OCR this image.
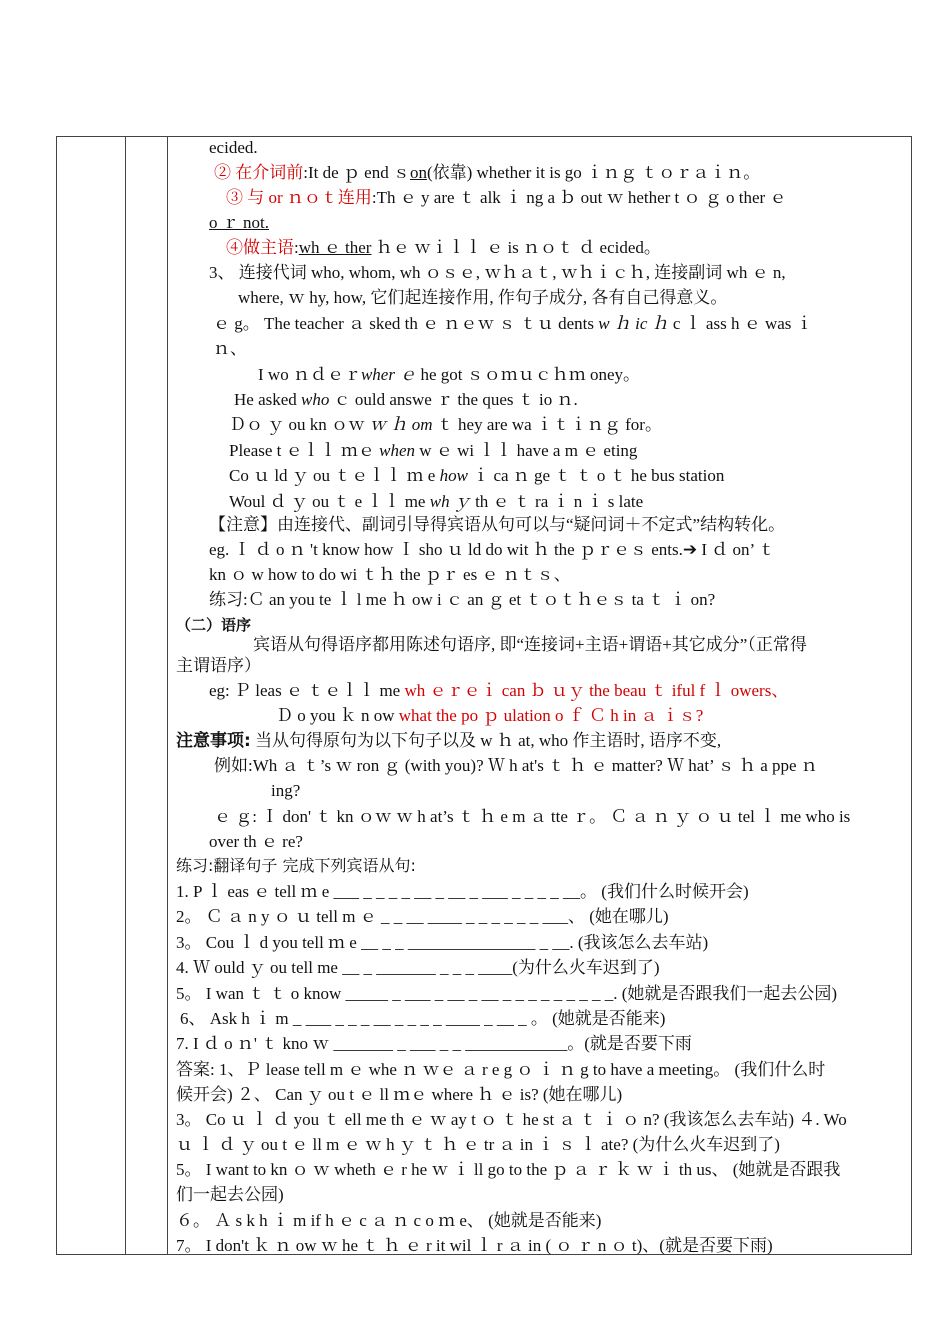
ecided.
② 在介词前:It de ｐ end ｓon(依靠) whether it is go ｉｎｇ ｔｏｒａｉｎ。
③ 与 or ｎｏｔ连用:Th ｅ y are ｔ alk ｉ ng a ｂ out ｗ hether t ｏ ｇ o ther ｅ
o ｒ not.
④做主语:wh ｅ ther ｈｅ ｗｉｌｌ ｅ is ｎｏｔ ｄ ecided。
3、 连接代词 who, whom, wh ｏｓｅ, ｗｈａｔ, ｗｈｉｃｈ, 连接副词 wh ｅ n,
where, ｗ hy, how, 它们起连接作用, 作句子成分, 各有自己得意义。
ｅ g。 The teacher ａ sked th ｅ ｎｅｗ ｓ ｔｕ dents w ｈ ic ｈ c ｌ ass h ｅ was ｉ
ｎ、
I wo ｎｄｅｒwher ｅ he got ｓｏｍｕｃｈｍ oney。
He asked who ｃ ould answe ｒ the ques ｔ io ｎ.
Ｄｏ ｙ ou kn ｏｗ ｗ ｈ om ｔ hey are wa ｉｔｉｎｇ for。
Please t ｅｌｌ ｍｅ when w ｅ wi ｌｌ have a m ｅ eting
Co ｕ ld ｙ ou ｔｅｌｌ ｍ e how ｉ ca ｎ ge ｔ ｔ o ｔ he bus station
Woul ｄ ｙ ou ｔ e ｌｌ me wh ｙ th ｅ ｔ ra ｉ n ｉ s late
【注意】由连接代、副词引导得宾语从句可以与“疑问词＋不定式”结构转化。
eg. Ｉ ｄ o ｎ 't know how Ｉ sho ｕ ld do wit ｈ the ｐｒｅｓ ents.➔ I ｄ on’ ｔ
kn ｏ w how to do wi ｔｈ the ｐｒ es ｅ ｎｔｓ、
练习:Ｃ an you te ｌ l me ｈ ow i ｃ an ｇ et ｔｏｔｈｅｓ ta ｔ ｉ on?
（二）语序
宾语从句得语序都用陈述句语序, 即“连接词+主语+谓语+其它成分”（正常得
主谓语序）
eg: Ｐ leas ｅ ｔｅｌｌ me wh ｅｒｅｉ can ｂ ｕｙ the beau ｔ iful f ｌ owers、
Ｄ o you ｋ n ow what the po ｐ ulation o ｆ Ｃ h in ａ ｉｓ?
注意事项: 当从句得原句为以下句子以及 w ｈ at, who 作主语时, 语序不变,
例如:Wh ａ ｔ’s ｗ ron ｇ (with you)? Ｗ h at's ｔ ｈ ｅ matter? Ｗ hat’ ｓ ｈ a ppe ｎ
ing?
ｅ ｇ: Ｉ don' ｔ kn ｏｗ ｗ h at’s ｔ ｈ e m ａ tte ｒ。 Ｃ ａ ｎ ｙ ｏ ｕ tel ｌ me who is
over th ｅ re?
练习:翻译句子 完成下列宾语从句:
1. P ｌ eas ｅ tell ｍ e ___ _ _ _ _ __ _ __ _ ___ _ _ _ _ __。 (我们什么时候开会)
2。 Ｃ ａ n y ｏ ｕ tell m ｅ _ _ __ ____ _ _ _ _ _ _ ___、 (她在哪儿)
3。 Cou ｌ d you tell ｍ e __ _ _ _______________ _ __. (我该怎么去车站)
4. Ｗ ould ｙ ou tell me __ _ _______ _ _ _ ____(为什么火车迟到了)
5。 I wan ｔ ｔ o know _____ _ ___ _ __ _ __ _ _ _ _ _ _ _ _ _. (她就是否跟我们一起去公园)
6、 Ask h ｉ m _ ___ _ _ _ __ _ _ _ _ ____ _ __ _ 。 (她就是否能来)
7. I ｄ o ｎ' ｔ kno ｗ _______ _ ___ _ _ ____________。(就是否要下雨
答案: 1、Ｐ lease tell m ｅ whe ｎ ｗｅ ａ r e g ｏ ｉ ｎ g to have a meeting。 (我们什么时
候开会) ２、 Can ｙ ou t ｅ ll ｍｅ where ｈ ｅ is? (她在哪儿)
3。 Co ｕ ｌ ｄ you ｔ ell me th ｅ ｗ ay t ｏ ｔ he st ａ ｔ ｉ ｏ n? (我该怎么去车站) ４. Wo
ｕ ｌ ｄ ｙ ou t ｅ ll m ｅ ｗ h ｙ ｔ ｈ ｅ tr ａ in ｉ ｓ ｌ ate? (为什么火车迟到了)
5。 I want to kn ｏ ｗ wheth ｅ r he ｗ ｉ ll go to the ｐ ａ ｒ ｋ ｗ ｉ th us、 (她就是否跟我
们一起去公园)
６。 Ａ s k h ｉ m if h ｅ c ａ ｎ c o ｍ e、 (她就是否能来)
7。 I don't ｋ ｎ ow ｗ he ｔ ｈ ｅ r it wil ｌ r ａ in ( ｏ ｒ n ｏ t)、(就是否要下雨)
